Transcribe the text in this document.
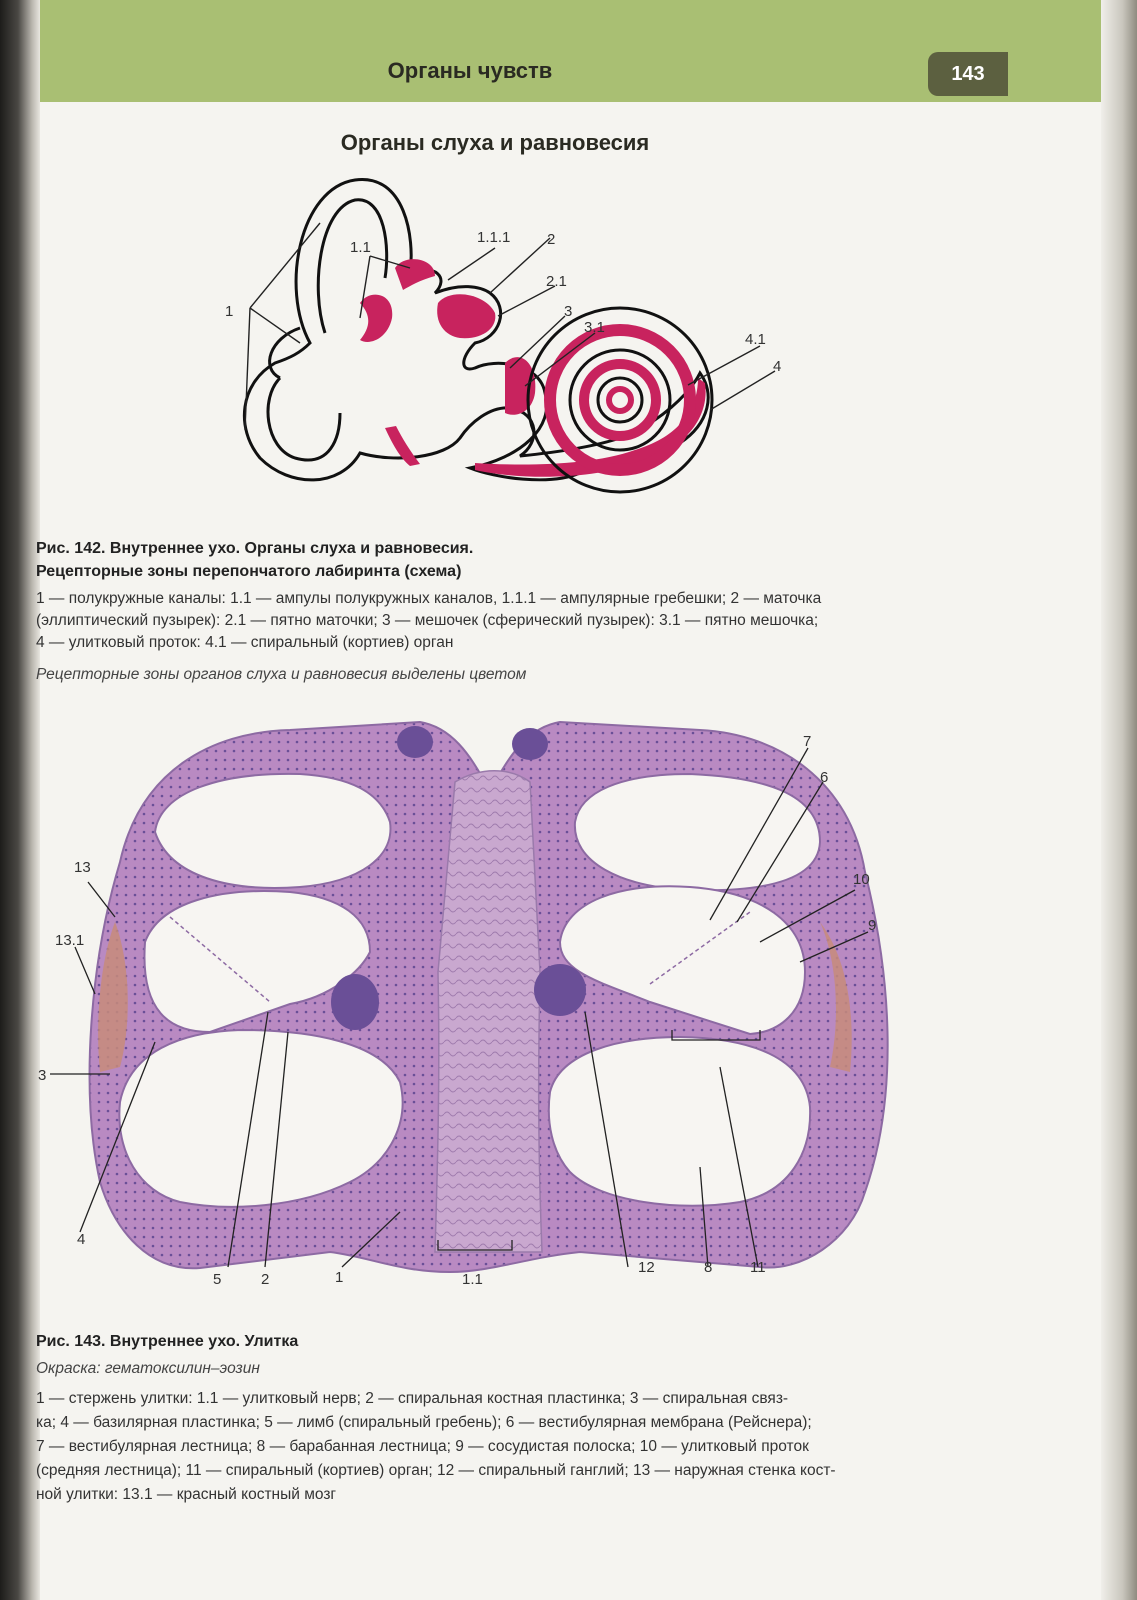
Органы чувств	143
Органы слуха и равновесия
1
1.1
1.1.1 2
2.1
3
3.1
4.1
4
Рис. 142. Внутреннее ухо. Органы слуха и равновесия.
Рецепторные зоны перепончатого лабиринта (схема)
1 — полукружные каналы: 1.1 — ампулы полукружных каналов, 1.1.1 — ампулярные гребешки; 2 — маточка
(эллиптический пузырек): 2.1 — пятно маточки; 3 — мешочек (сферический пузырек): 3.1 — пятно мешочка;
4 — улитковый проток: 4.1 — спиральный (кортиев) орган
Рецепторные зоны органов слуха и равновесия выделены цветом
7
6
10
9
13
13.1
3
4
5	2	1	1.1
12	8	11
Рис. 143. Внутреннее ухо. Улитка
Окраска: гематоксилин–эозин
1 — стержень улитки: 1.1 — улитковый нерв; 2 — спиральная костная пластинка; 3 — спиральная связ-
ка; 4 — базилярная пластинка; 5 — лимб (спиральный гребень); 6 — вестибулярная мембрана (Рейснера);
7 — вестибулярная лестница; 8 — барабанная лестница; 9 — сосудистая полоска; 10 — улитковый проток
(средняя лестница); 11 — спиральный (кортиев) орган; 12 — спиральный ганглий; 13 — наружная стенка кост-
ной улитки: 13.1 — красный костный мозг
